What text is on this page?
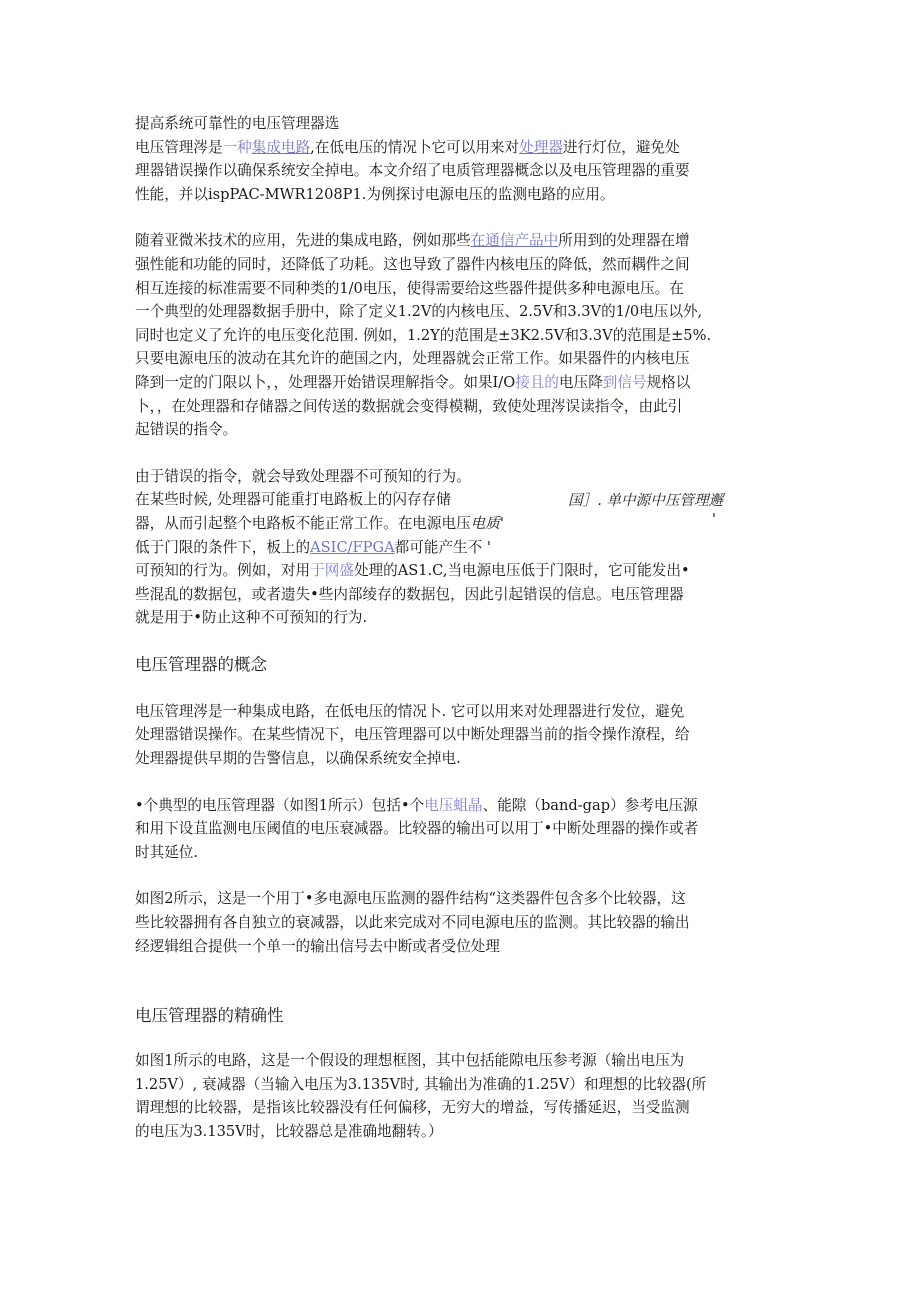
提高系统可靠性的电压管理器选

电压管理涔是一种集成电路,在低电压的情况卜它可以用来对处理器进行灯位，避免处

理器错误操作以确保系统安全掉电。本文介绍了电质管理器概念以及电压管理器的重要

性能，并以ispPAC-MWR1208P1.为例探讨电源电压的监测电路的应用。

随着亚微米技术的应用，先进的集成电路，例如那些在通信产品中所用到的处理器在增

强性能和功能的同时，还降低了功耗。这也导致了器件内核电压的降低，然而耦件之间

相互连接的标准需要不同种类的1/0电压，使得需要给这些器件提供多种电源电压。在

一个典型的处理器数据手册中，除了定义1.2V的内核电压、2.5V和3.3V的1/0电压以外,

同时也定义了允许的电压变化范围. 例如，1.2Y的范围是±3K2.5V和3.3V的范围是±5%.

只要电源电压的波动在其允许的葩国之内，处理器就会正常工作。如果器件的内核电压

降到一定的门限以卜，，处理器开始错误理解指令。如果I/O接且的电压降到信号规格以

卜，，在处理器和存储器之间传送的数据就会变得模糊，致使处理涔误读指令，由此引

起错误的指令。

由于错误的指令，就会导致处理器不可预知的行为。

在某些时候, 处理器可能重打电路板上的闪存存储

器，从而引起整个电路板不能正常工作。在电源电压电质'

低于门限的条件下，板上的ASIC/FPGA都可能产生不 '

可预知的行为。例如，对用于网盛处理的AS1.C,当电源电压低于门限时，它可能发出•

些混乱的数据包，或者遗失•些内部绫存的数据包，因此引起错误的信息。电压管理器

就是用于•防止这种不可预知的行为.

电压管理器的概念

电压管理涔是一种集成电路，在低电压的情况卜. 它可以用来对处理器进行发位，避免

处理嚣错误操作。在某些情况下，电压管理器可以中断处理器当前的指令操作潦程，给

处理器提供早期的告警信息，以确保系统安全掉电.

•个典型的电压管理器（如图1所示）包括•个电压蛆晶、能隙（band-gap）参考电压源

和用下设苴监测电压阈值的电压衰减器。比较器的输出可以用丁•中断处理器的操作或者

时其延位.

如图2所示，这是一个用丁•多电源电压监测的器件结构“这类器件包含多个比较器，这

些比较器拥有各自独立的衰减器，以此来完成对不同电源电压的监测。其比较器的输出

经逻辑组合提供一个单一的输出信号去中断或者受位处理

电压管理器的精确性

如图1所示的电路，这是一个假设的理想框图，其中包括能隙电压参考源（输出电压为

1.25V）, 衰减器（当输入电压为3.135V时, 其输出为准确的1.25V）和理想的比较器(所

谓理想的比较器，是指该比较器没有任何偏移，无穷大的增益，写传播延迟，当受监测

的电压为3.135V时，比较器总是准确地翻转。）

国］. 单中源中压管理邂
'
